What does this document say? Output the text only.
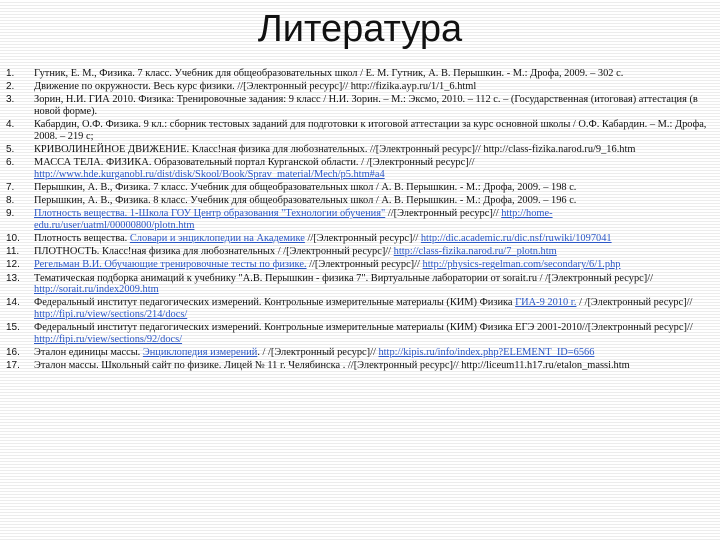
Литература
1.	Гутник, Е. М., Физика. 7 класс. Учебник для общеобразовательных школ / Е. М. Гутник, А. В. Перышкин. - М.: Дрофа, 2009. – 302 с.
2.	Движение по окружности. Весь курс физики. //[Электронный ресурс]// http://fizika.ayp.ru/1/1_6.html
3.	Зорин, Н.И. ГИА 2010. Физика: Тренировочные задания: 9 класс / Н.И. Зорин. – М.: Эксмо, 2010. – 112 с. – (Государственная (итоговая) аттестация (в новой форме).
4.	Кабардин, О.Ф. Физика. 9 кл.: сборник тестовых заданий для подготовки к итоговой аттестации за курс основной школы / О.Ф. Кабардин. – М.: Дрофа, 2008. – 219 с;
5.	КРИВОЛИНЕЙНОЕ ДВИЖЕНИЕ. Класс!ная физика для любознательных. //[Электронный ресурс]// http://class-fizika.narod.ru/9_16.htm
6.	МАССА ТЕЛА. ФИЗИКА. Образовательный портал Курганской области. / /[Электронный ресурс]// http://www.hde.kurganobl.ru/dist/disk/Skool/Book/Sprav_material/Mech/p5.htm#a4
7.	Перышкин, А. В., Физика. 7 класс. Учебник для общеобразовательных школ / А. В. Перышкин. - М.: Дрофа, 2009. – 198 с.
8.	Перышкин, А. В., Физика. 8 класс. Учебник для общеобразовательных школ / А. В. Перышкин. - М.: Дрофа, 2009. – 196 с.
9.	Плотность вещества. 1-Школа ГОУ Центр образования "Технологии обучения" //[Электронный ресурс]// http://home-edu.ru/user/uatml/00000800/plotn.htm
10.	Плотность вещества. Словари и энциклопедии на Академике //[Электронный ресурс]// http://dic.academic.ru/dic.nsf/ruwiki/1097041
11.	ПЛОТНОСТЬ. Класс!ная физика для любознательных / /[Электронный ресурс]// http://class-fizika.narod.ru/7_plotn.htm
12.	Регельман В.И. Обучающие тренировочные тесты по физике. //[Электронный ресурс]// http://physics-regelman.com/secondary/6/1.php
13.	Тематическая подборка анимаций к учебнику "А.В. Перышкин - физика 7". Виртуальные лаборатории от sorait.ru / /[Электронный ресурс]// http://sorait.ru/index2009.htm
14.	Федеральный институт педагогических измерений. Контрольные измерительные материалы (КИМ) Физика ГИА-9 2010 г. / /[Электронный ресурс]// http://fipi.ru/view/sections/214/docs/
15.	Федеральный институт педагогических измерений. Контрольные измерительные материалы (КИМ) Физика ЕГЭ 2001-2010//[Электронный ресурс]// http://fipi.ru/view/sections/92/docs/
16.	Эталон единицы массы. Энциклопедия измерений. / /[Электронный ресурс]// http://kipis.ru/info/index.php?ELEMENT_ID=6566
17.	Эталон массы. Школьный сайт по физике. Лицей № 11 г. Челябинска . //[Электронный ресурс]// http://liceum11.h17.ru/etalon_massi.htm
